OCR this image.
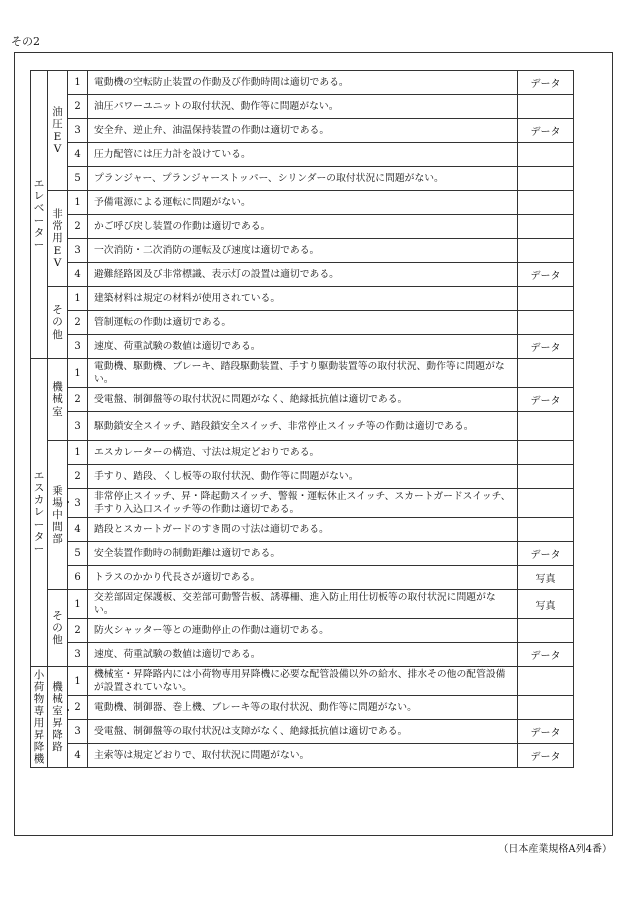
その2
エレベーター	油圧EV	1	電動機の空転防止装置の作動及び作動時間は適切である。	データ
		2	油圧パワーユニットの取付状況、動作等に問題がない。	
		3	安全弁、逆止弁、油温保持装置の作動は適切である。	データ
		4	圧力配管には圧力計を設けている。	
		5	プランジャー、プランジャーストッパー、シリンダーの取付状況に問題がない。	
	非常用EV	1	予備電源による運転に問題がない。	
		2	かご呼び戻し装置の作動は適切である。	
		3	一次消防・二次消防の運転及び速度は適切である。	
		4	避難経路図及び非常標識、表示灯の設置は適切である。	データ
	その他	1	建築材料は規定の材料が使用されている。	
		2	管制運転の作動は適切である。	
		3	速度、荷重試験の数値は適切である。	データ
エスカレーター	機械室	1	電動機、駆動機、ブレーキ、踏段駆動装置、手すり駆動装置等の取付状況、動作等に問題がない。	
		2	受電盤、制御盤等の取付状況に問題がなく、絶縁抵抗値は適切である。	データ
		3	駆動鎖安全スイッチ、踏段鎖安全スイッチ、非常停止スイッチ等の作動は適切である。	
	乗場・中間部	1	エスカレーターの構造、寸法は規定どおりである。	
		2	手すり、踏段、くし板等の取付状況、動作等に問題がない。	
		3	非常停止スイッチ、昇・降起動スイッチ、警報・運転休止スイッチ、スカートガードスイッチ、手すり入込口スイッチ等の作動は適切である。	
		4	踏段とスカートガードのすき間の寸法は適切である。	
		5	安全装置作動時の制動距離は適切である。	データ
		6	トラスのかかり代長さが適切である。	写真
	その他	1	交差部固定保護板、交差部可動警告板、誘導柵、進入防止用仕切板等の取付状況に問題がない。	写真
		2	防火シャッター等との連動停止の作動は適切である。	
		3	速度、荷重試験の数値は適切である。	データ
小荷物専用昇降機	機械室・昇降路	1	機械室・昇降路内には小荷物専用昇降機に必要な配管設備以外の給水、排水その他の配管設備が設置されていない。	
		2	電動機、制御器、巻上機、ブレーキ等の取付状況、動作等に問題がない。	
		3	受電盤、制御盤等の取付状況は支障がなく、絶縁抵抗値は適切である。	データ
		4	主索等は規定どおりで、取付状況に問題がない。	データ
（日本産業規格A列4番）
